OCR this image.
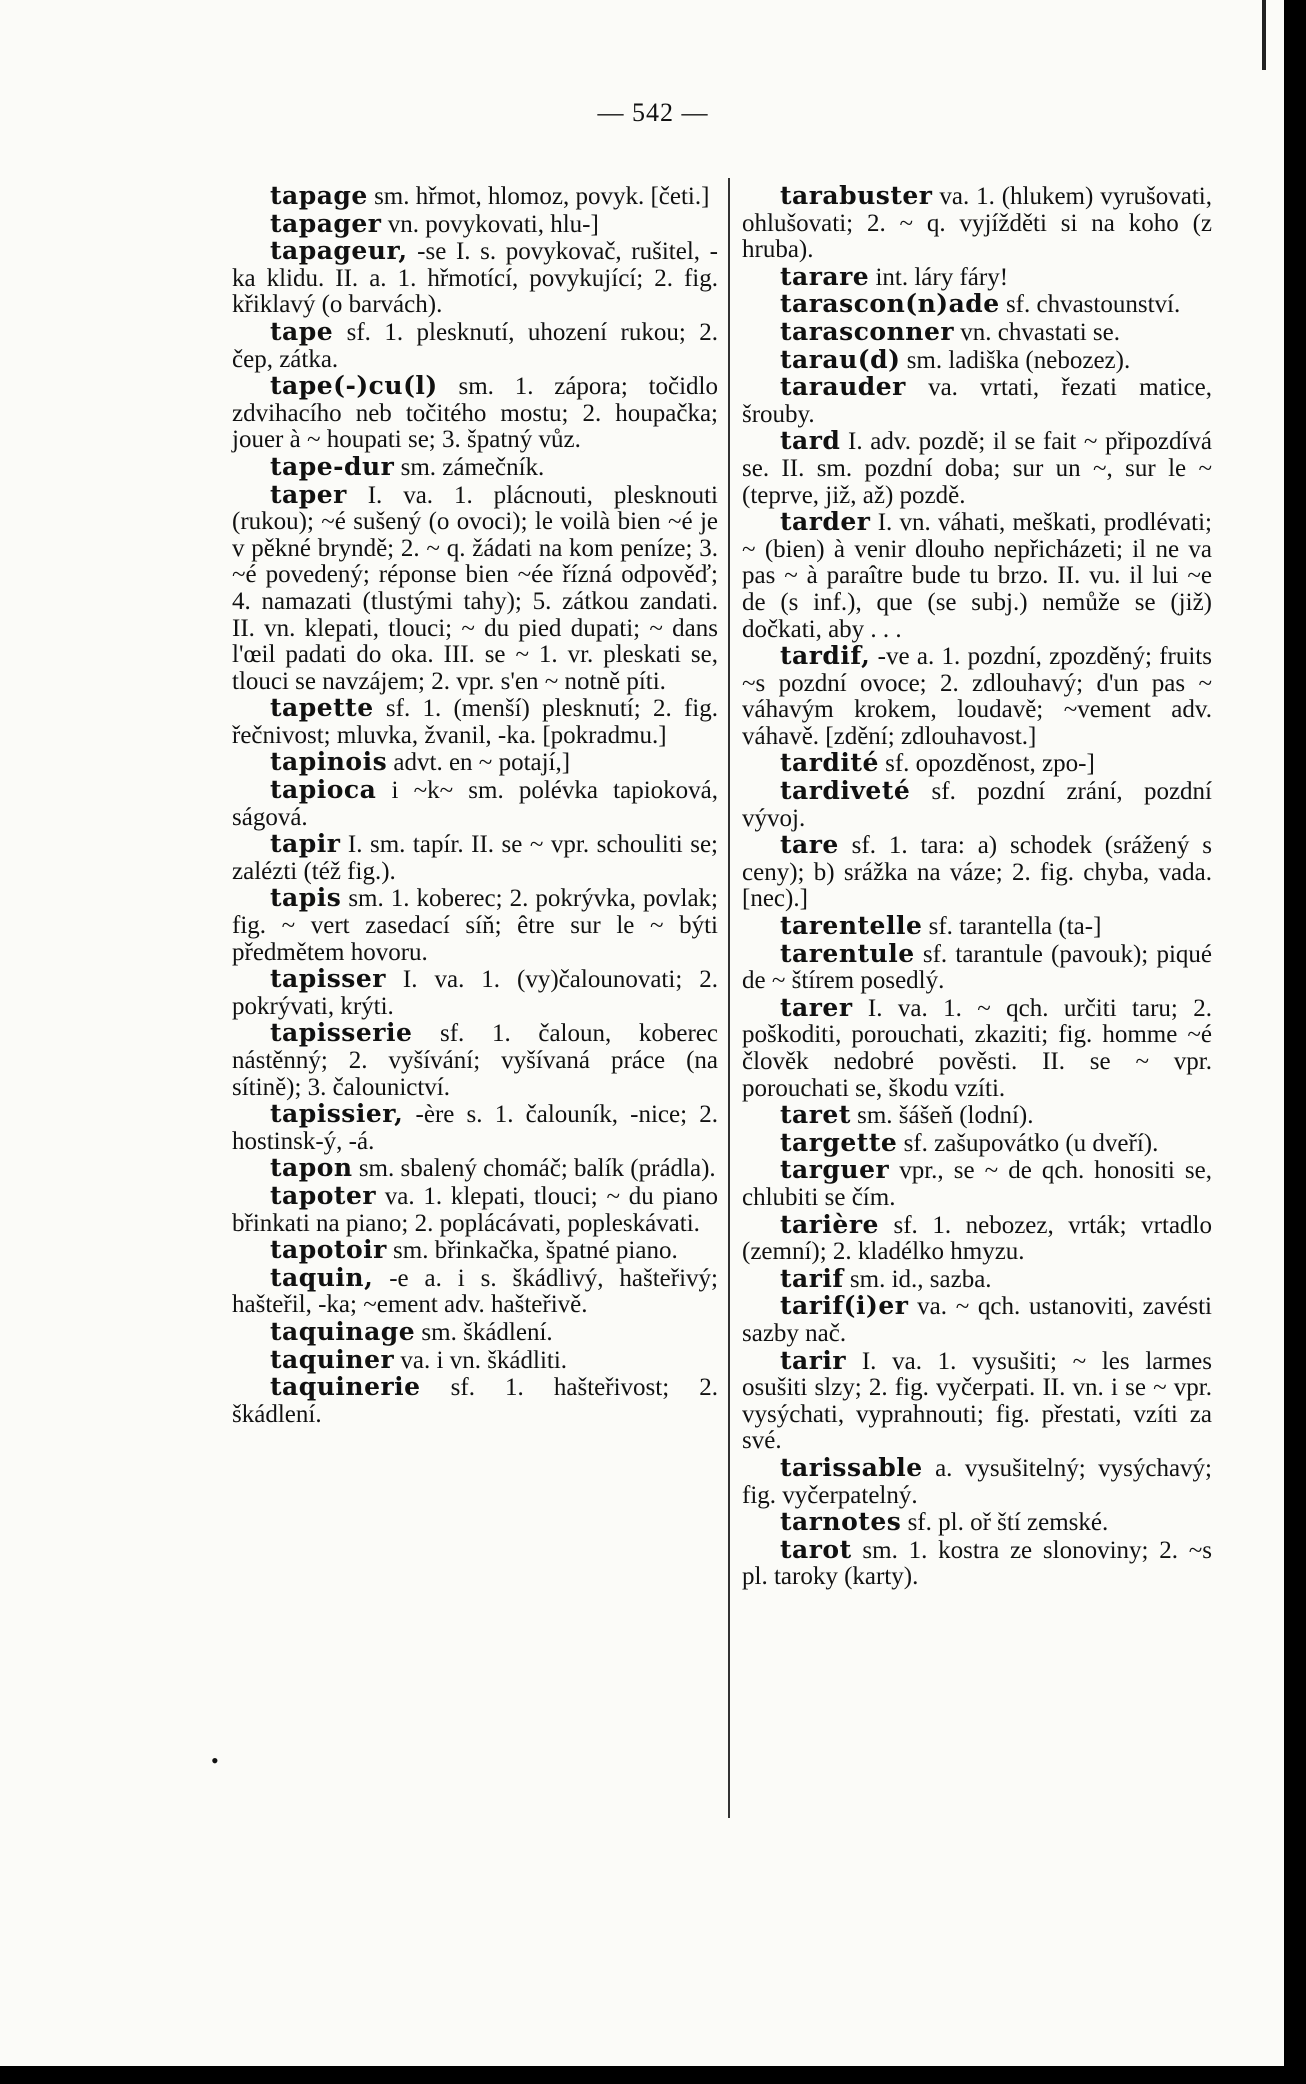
— 542 —

tapage sm. hřmot, hlomoz, povyk. [četi.]

tapager vn. povykovati, hlu-]

tapageur, -se I. s. povykovač, rušitel, -ka klidu. II. a. 1. hřmotící, povykující; 2. fig. křiklavý (o barvách).

tape sf. 1. plesknutí, uhození rukou; 2. čep, zátka.

tape(-)cu(l) sm. 1. zápora; točidlo zdvihacího neb točitého mostu; 2. houpačka; jouer à ~ houpati se; 3. špatný vůz.

tape-dur sm. zámečník.

taper I. va. 1. plácnouti, plesknouti (rukou); ~é sušený (o ovoci); le voilà bien ~é je v pěkné bryndě; 2. ~ q. žádati na kom peníze; 3. ~é povedený; réponse bien ~ée řízná odpověď; 4. namazati (tlustými tahy); 5. zátkou zandati. II. vn. klepati, tlouci; ~ du pied dupati; ~ dans l'œil padati do oka. III. se ~ 1. vr. pleskati se, tlouci se navzájem; 2. vpr. s'en ~ notně píti.

tapette sf. 1. (menší) plesknutí; 2. fig. řečnivost; mluvka, žvanil, -ka. [pokradmu.]

tapinois advt. en ~ potají,]

tapioca i ~k~ sm. polévka tapioková, ságová.

tapir I. sm. tapír. II. se ~ vpr. schouliti se; zalézti (též fig.).

tapis sm. 1. koberec; 2. pokrývka, povlak; fig. ~ vert zasedací síň; être sur le ~ býti předmětem hovoru.

tapisser I. va. 1. (vy)čalounovati; 2. pokrývati, krýti.

tapisserie sf. 1. čaloun, koberec nástěnný; 2. vyšívání; vyšívaná práce (na sítině); 3. čalounictví.

tapissier, -ère s. 1. čalouník, -nice; 2. hostinsk-ý, -á.

tapon sm. sbalený chomáč; balík (prádla).

tapoter va. 1. klepati, tlouci; ~ du piano břinkati na piano; 2. poplácávati, popleskávati.

tapotoir sm. břinkačka, špatné piano.

taquin, -e a. i s. škádlivý, hašteřivý; hašteřil, -ka; ~ement adv. hašteřivě.

taquinage sm. škádlení.

taquiner va. i vn. škádliti.

taquinerie sf. 1. hašteřivost; 2. škádlení.

tarabuster va. 1. (hlukem) vyrušovati, ohlušovati; 2. ~ q. vyjížděti si na koho (z hruba).

tarare int. láry fáry!

tarascon(n)ade sf. chvastounství.

tarasconner vn. chvastati se.

tarau(d) sm. ladiška (nebozez).

tarauder va. vrtati, řezati matice, šrouby.

tard I. adv. pozdě; il se fait ~ připozdívá se. II. sm. pozdní doba; sur un ~, sur le ~ (teprve, již, až) pozdě.

tarder I. vn. váhati, meškati, prodlévati; ~ (bien) à venir dlouho nepřicházeti; il ne va pas ~ à paraître bude tu brzo. II. vu. il lui ~e de (s inf.), que (se subj.) nemůže se (již) dočkati, aby . . .

tardif, -ve a. 1. pozdní, zpozděný; fruits ~s pozdní ovoce; 2. zdlouhavý; d'un pas ~ váhavým krokem, loudavě; ~vement adv. váhavě. [zdění; zdlouhavost.]

tardité sf. opozděnost, zpo-]

tardiveté sf. pozdní zrání, pozdní vývoj.

tare sf. 1. tara: a) schodek (srážený s ceny); b) srážka na váze; 2. fig. chyba, vada. [nec).]

tarentelle sf. tarantella (ta-]

tarentule sf. tarantule (pavouk); piqué de ~ štírem posedlý.

tarer I. va. 1. ~ qch. určiti taru; 2. poškoditi, porouchati, zkaziti; fig. homme ~é člověk nedobré pověsti. II. se ~ vpr. porouchati se, škodu vzíti.

taret sm. šášeň (lodní).

targette sf. zašupovátko (u dveří).

targuer vpr., se ~ de qch. honositi se, chlubiti se čím.

tarière sf. 1. nebozez, vrták; vrtadlo (zemní); 2. kladélko hmyzu.

tarif sm. id., sazba.

tarif(i)er va. ~ qch. ustanoviti, zavésti sazby nač.

tarir I. va. 1. vysušiti; ~ les larmes osušiti slzy; 2. fig. vyčerpati. II. vn. i se ~ vpr. vysýchati, vyprahnouti; fig. přestati, vzíti za své.

tarissable a. vysušitelný; vysýchavý; fig. vyčerpatelný.

tarnotes sf. pl. oř ští zemské.

tarot sm. 1. kostra ze slonoviny; 2. ~s pl. taroky (karty).

•
